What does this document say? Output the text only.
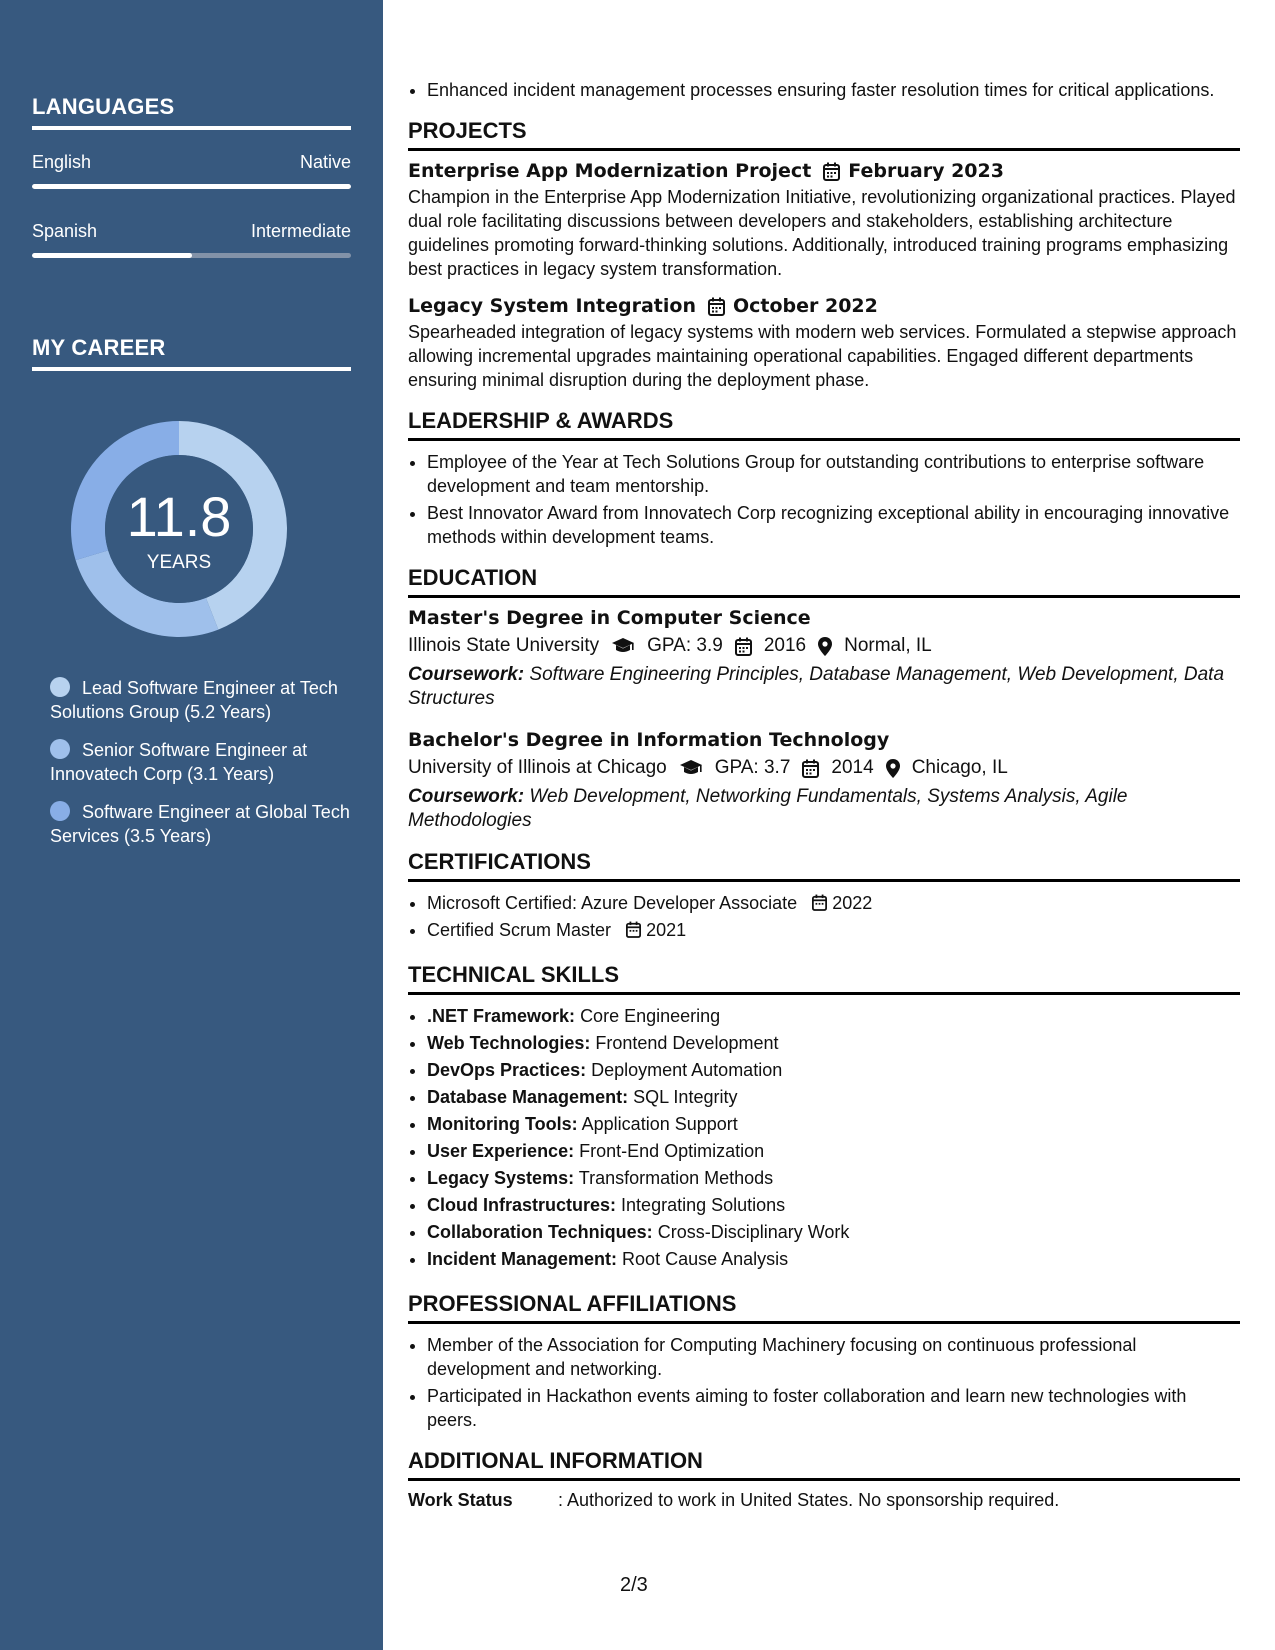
LANGUAGES
English	Native
Spanish	Intermediate
MY CAREER
11.8
YEARS
Lead Software Engineer at Tech Solutions Group (5.2 Years)
Senior Software Engineer at Innovatech Corp (3.1 Years)
Software Engineer at Global Tech Services (3.5 Years)
• Enhanced incident management processes ensuring faster resolution times for critical applications.
PROJECTS
Enterprise App Modernization Project February 2023
Champion in the Enterprise App Modernization Initiative, revolutionizing organizational practices. Played dual role facilitating discussions between developers and stakeholders, establishing architecture guidelines promoting forward-thinking solutions. Additionally, introduced training programs emphasizing best practices in legacy system transformation.
Legacy System Integration October 2022
Spearheaded integration of legacy systems with modern web services. Formulated a stepwise approach allowing incremental upgrades maintaining operational capabilities. Engaged different departments ensuring minimal disruption during the deployment phase.
LEADERSHIP & AWARDS
• Employee of the Year at Tech Solutions Group for outstanding contributions to enterprise software development and team mentorship.
• Best Innovator Award from Innovatech Corp recognizing exceptional ability in encouraging innovative methods within development teams.
EDUCATION
Master's Degree in Computer Science
Illinois State University	GPA: 3.9 2016 Normal, IL
Coursework: Software Engineering Principles, Database Management, Web Development, Data Structures
Bachelor's Degree in Information Technology
University of Illinois at Chicago	GPA: 3.7 2014 Chicago, IL
Coursework: Web Development, Networking Fundamentals, Systems Analysis, Agile Methodologies
CERTIFICATIONS
• Microsoft Certified: Azure Developer Associate 2022
• Certified Scrum Master 2021
TECHNICAL SKILLS
• .NET Framework: Core Engineering
• Web Technologies: Frontend Development
• DevOps Practices: Deployment Automation
• Database Management: SQL Integrity
• Monitoring Tools: Application Support
• User Experience: Front-End Optimization
• Legacy Systems: Transformation Methods
• Cloud Infrastructures: Integrating Solutions
• Collaboration Techniques: Cross-Disciplinary Work
• Incident Management: Root Cause Analysis
PROFESSIONAL AFFILIATIONS
• Member of the Association for Computing Machinery focusing on continuous professional development and networking.
• Participated in Hackathon events aiming to foster collaboration and learn new technologies with peers.
ADDITIONAL INFORMATION
Work Status	: Authorized to work in United States. No sponsorship required.
2/3
